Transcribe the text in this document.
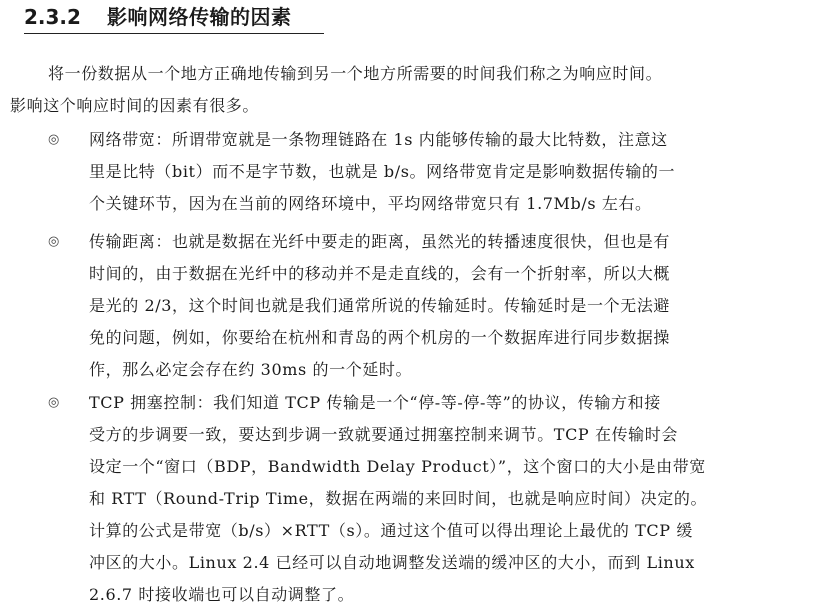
2.3.2 影响网络传输的因素
将一份数据从一个地方正确地传输到另一个地方所需要的时间我们称之为响应时间。
影响这个响应时间的因素有很多。
◎	网络带宽：所谓带宽就是一条物理链路在 1s 内能够传输的最大比特数，注意这
里是比特（bit）而不是字节数，也就是 b/s。网络带宽肯定是影响数据传输的一
个关键环节，因为在当前的网络环境中，平均网络带宽只有 1.7Mb/s 左右。
◎	传输距离：也就是数据在光纤中要走的距离，虽然光的转播速度很快，但也是有
时间的，由于数据在光纤中的移动并不是走直线的，会有一个折射率，所以大概
是光的 2/3，这个时间也就是我们通常所说的传输延时。传输延时是一个无法避
免的问题，例如，你要给在杭州和青岛的两个机房的一个数据库进行同步数据操
作，那么必定会存在约 30ms 的一个延时。
◎	TCP 拥塞控制：我们知道 TCP 传输是一个“停-等-停-等”的协议，传输方和接
受方的步调要一致，要达到步调一致就要通过拥塞控制来调节。TCP 在传输时会
设定一个“窗口（BDP，Bandwidth Delay Product）”，这个窗口的大小是由带宽
和 RTT（Round-Trip Time，数据在两端的来回时间，也就是响应时间）决定的。
计算的公式是带宽（b/s）×RTT（s）。通过这个值可以得出理论上最优的 TCP 缓
冲区的大小。Linux 2.4 已经可以自动地调整发送端的缓冲区的大小，而到 Linux
2.6.7 时接收端也可以自动调整了。
